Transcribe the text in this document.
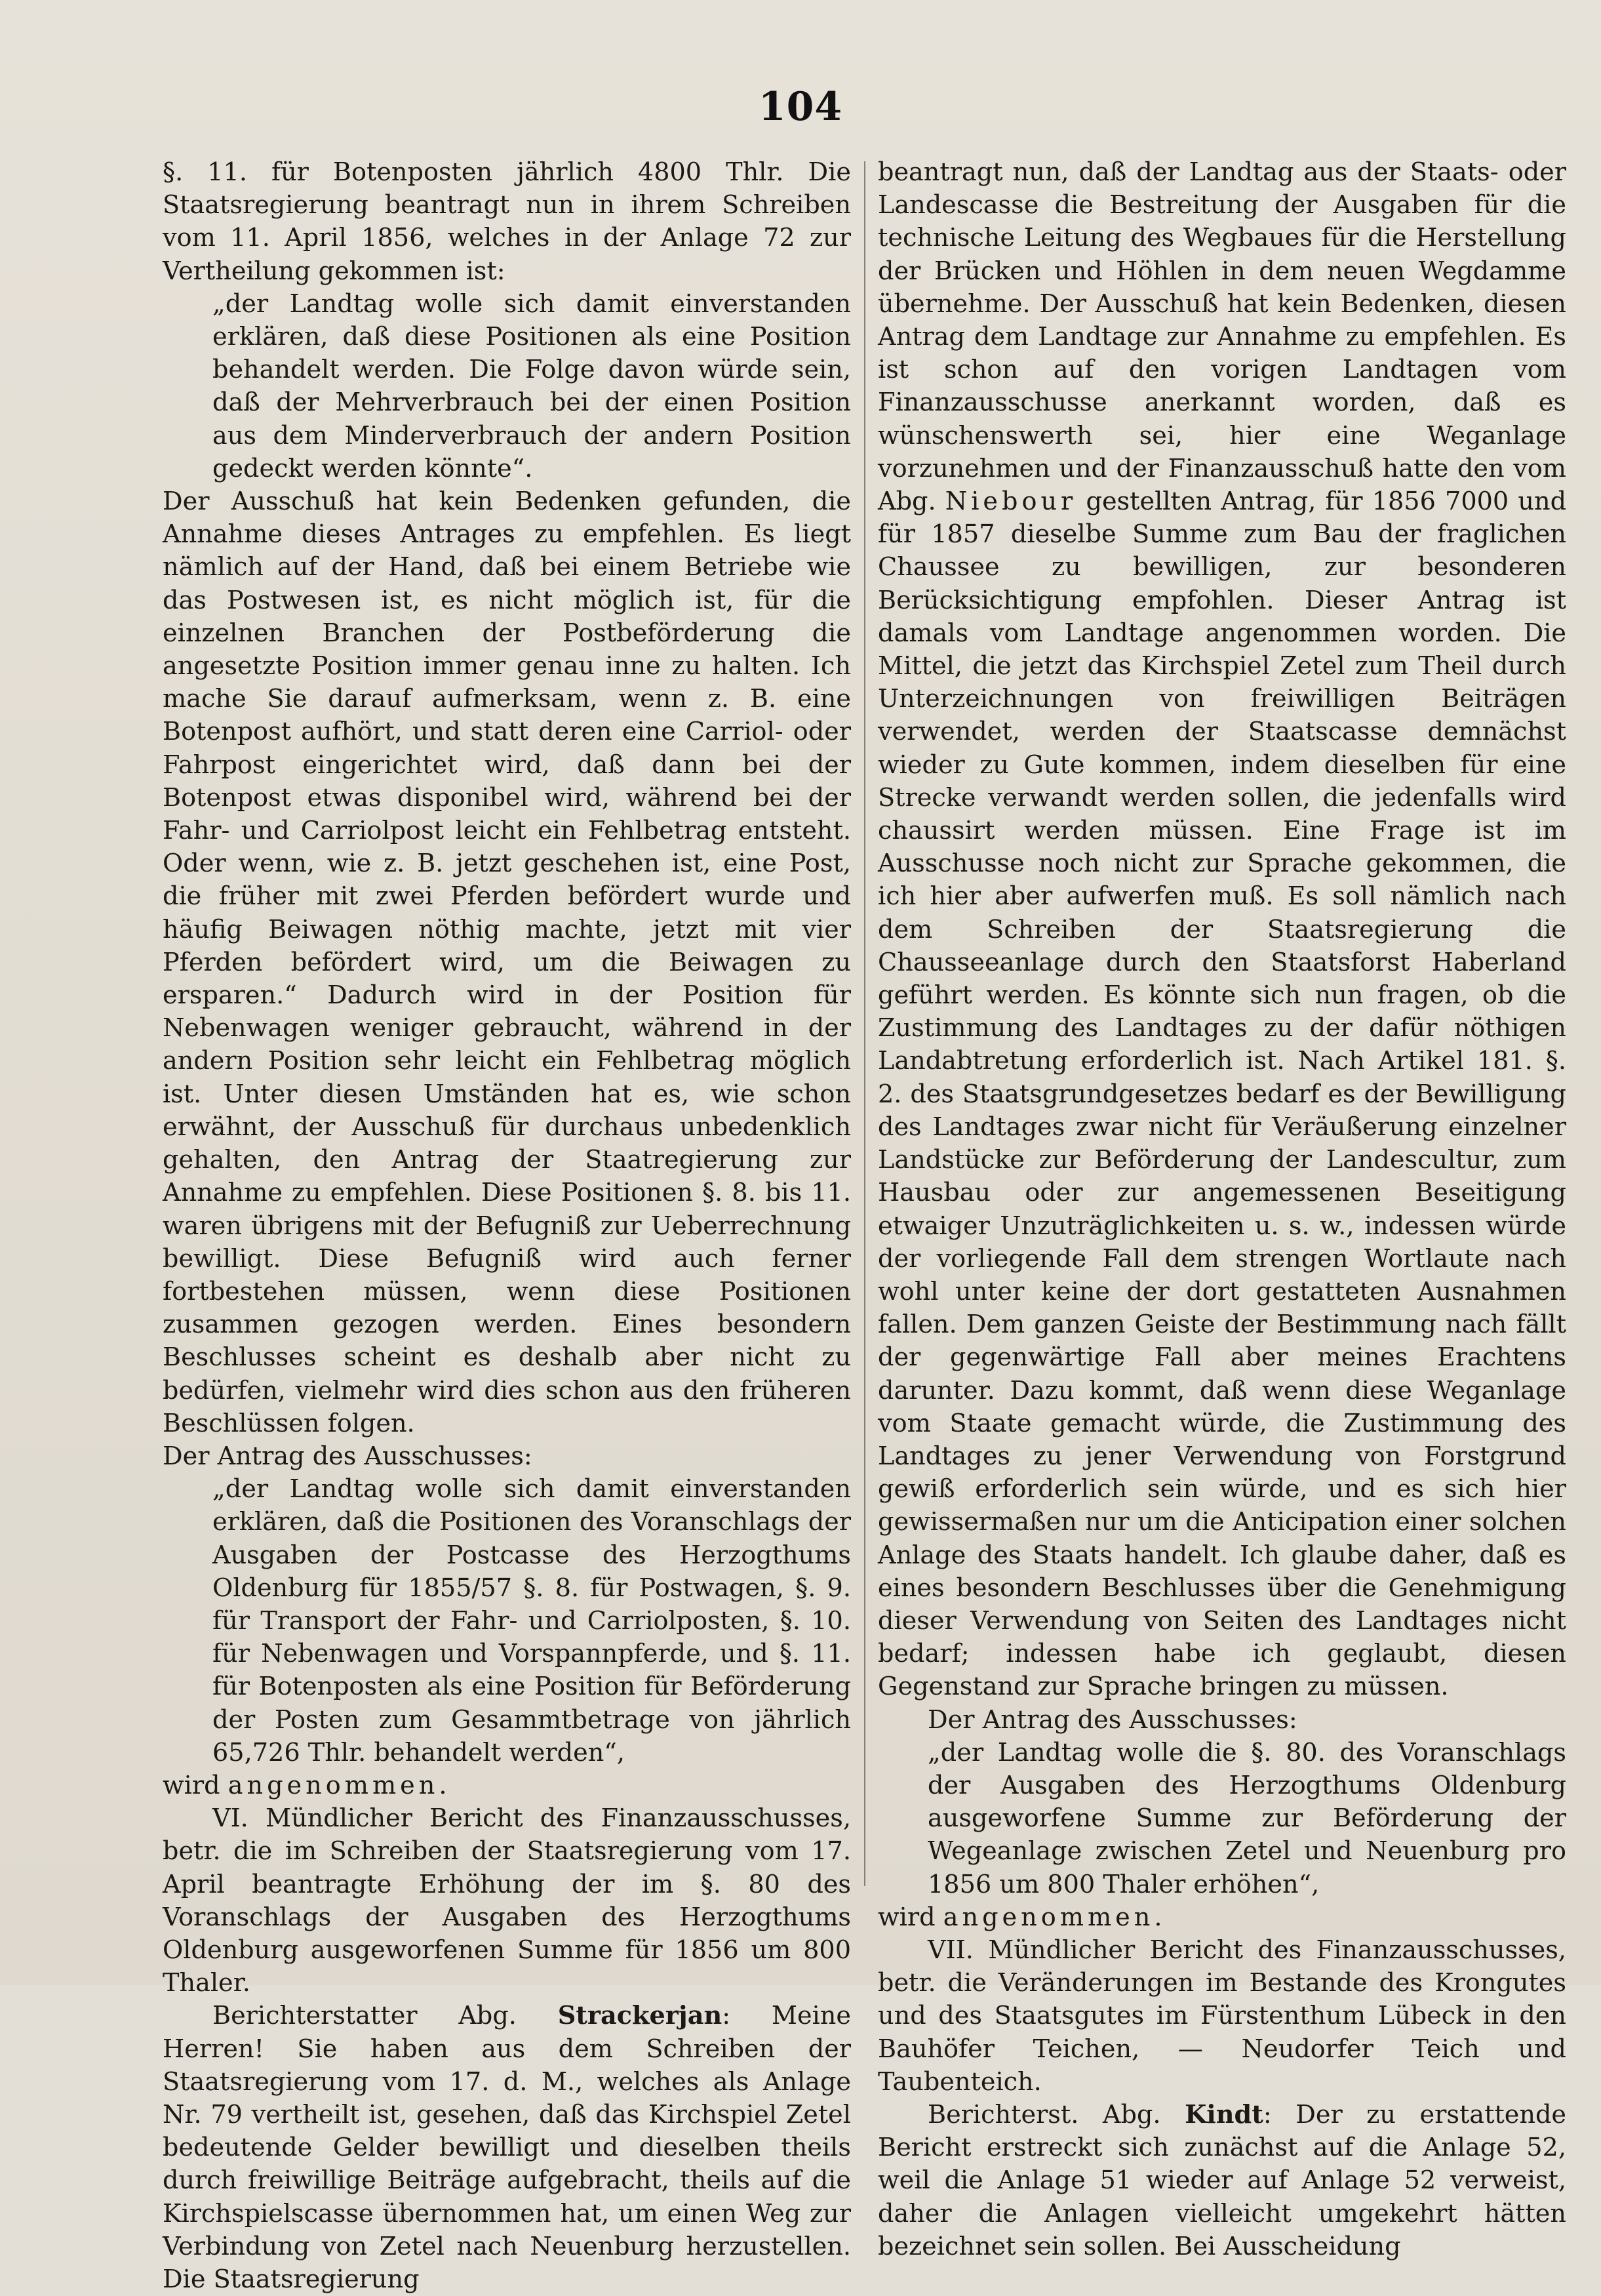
104

§. 11. für Botenposten jährlich 4800 Thlr. Die Staatsregierung beantragt nun in ihrem Schreiben vom 11. April 1856, welches in der Anlage 72 zur Vertheilung gekommen ist:

„der Landtag wolle sich damit einverstanden erklären, daß diese Positionen als eine Position behandelt werden. Die Folge davon würde sein, daß der Mehrverbrauch bei der einen Position aus dem Minderverbrauch der andern Position gedeckt werden könnte“.

Der Ausschuß hat kein Bedenken gefunden, die Annahme dieses Antrages zu empfehlen. Es liegt nämlich auf der Hand, daß bei einem Betriebe wie das Postwesen ist, es nicht möglich ist, für die einzelnen Branchen der Postbeförderung die angesetzte Position immer genau inne zu halten. Ich mache Sie darauf aufmerksam, wenn z. B. eine Botenpost aufhört, und statt deren eine Carriol- oder Fahrpost eingerichtet wird, daß dann bei der Botenpost etwas disponibel wird, während bei der Fahr- und Carriolpost leicht ein Fehlbetrag entsteht. Oder wenn, wie z. B. jetzt geschehen ist, eine Post, die früher mit zwei Pferden befördert wurde und häufig Beiwagen nöthig machte, jetzt mit vier Pferden befördert wird, um die Beiwagen zu ersparen.“ Dadurch wird in der Position für Nebenwagen weniger gebraucht, während in der andern Position sehr leicht ein Fehlbetrag möglich ist. Unter diesen Umständen hat es, wie schon erwähnt, der Ausschuß für durchaus unbedenklich gehalten, den Antrag der Staatregierung zur Annahme zu empfehlen. Diese Positionen §. 8. bis 11. waren übrigens mit der Befugniß zur Ueberrechnung bewilligt. Diese Befugniß wird auch ferner fortbestehen müssen, wenn diese Positionen zusammen gezogen werden. Eines besondern Beschlusses scheint es deshalb aber nicht zu bedürfen, vielmehr wird dies schon aus den früheren Beschlüssen folgen.

Der Antrag des Ausschusses:

„der Landtag wolle sich damit einverstanden erklären, daß die Positionen des Voranschlags der Ausgaben der Postcasse des Herzogthums Oldenburg für 1855/57 §. 8. für Postwagen, §. 9. für Transport der Fahr- und Carriolposten, §. 10. für Nebenwagen und Vorspannpferde, und §. 11. für Botenposten als eine Position für Beförderung der Posten zum Gesammtbetrage von jährlich 65,726 Thlr. behandelt werden“,

wird angenommen.

VI. Mündlicher Bericht des Finanzausschusses, betr. die im Schreiben der Staatsregierung vom 17. April beantragte Erhöhung der im §. 80 des Voranschlags der Ausgaben des Herzogthums Oldenburg ausgeworfenen Summe für 1856 um 800 Thaler.

Berichterstatter Abg. Strackerjan: Meine Herren! Sie haben aus dem Schreiben der Staatsregierung vom 17. d. M., welches als Anlage Nr. 79 vertheilt ist, gesehen, daß das Kirchspiel Zetel bedeutende Gelder bewilligt und dieselben theils durch freiwillige Beiträge aufgebracht, theils auf die Kirchspielscasse übernommen hat, um einen Weg zur Verbindung von Zetel nach Neuenburg herzustellen. Die Staatsregierung

beantragt nun, daß der Landtag aus der Staats- oder Landescasse die Bestreitung der Ausgaben für die technische Leitung des Wegbaues für die Herstellung der Brücken und Höhlen in dem neuen Wegdamme übernehme. Der Ausschuß hat kein Bedenken, diesen Antrag dem Landtage zur Annahme zu empfehlen. Es ist schon auf den vorigen Landtagen vom Finanzausschusse anerkannt worden, daß es wünschenswerth sei, hier eine Weganlage vorzunehmen und der Finanzausschuß hatte den vom Abg. Niebour gestellten Antrag, für 1856 7000 und für 1857 dieselbe Summe zum Bau der fraglichen Chaussee zu bewilligen, zur besonderen Berücksichtigung empfohlen. Dieser Antrag ist damals vom Landtage angenommen worden. Die Mittel, die jetzt das Kirchspiel Zetel zum Theil durch Unterzeichnungen von freiwilligen Beiträgen verwendet, werden der Staatscasse demnächst wieder zu Gute kommen, indem dieselben für eine Strecke verwandt werden sollen, die jedenfalls wird chaussirt werden müssen. Eine Frage ist im Ausschusse noch nicht zur Sprache gekommen, die ich hier aber aufwerfen muß. Es soll nämlich nach dem Schreiben der Staatsregierung die Chausseeanlage durch den Staatsforst Haberland geführt werden. Es könnte sich nun fragen, ob die Zustimmung des Landtages zu der dafür nöthigen Landabtretung erforderlich ist. Nach Artikel 181. §. 2. des Staatsgrundgesetzes bedarf es der Bewilligung des Landtages zwar nicht für Veräußerung einzelner Landstücke zur Beförderung der Landescultur, zum Hausbau oder zur angemessenen Beseitigung etwaiger Unzuträglichkeiten u. s. w., indessen würde der vorliegende Fall dem strengen Wortlaute nach wohl unter keine der dort gestatteten Ausnahmen fallen. Dem ganzen Geiste der Bestimmung nach fällt der gegenwärtige Fall aber meines Erachtens darunter. Dazu kommt, daß wenn diese Weganlage vom Staate gemacht würde, die Zustimmung des Landtages zu jener Verwendung von Forstgrund gewiß erforderlich sein würde, und es sich hier gewissermaßen nur um die Anticipation einer solchen Anlage des Staats handelt. Ich glaube daher, daß es eines besondern Beschlusses über die Genehmigung dieser Verwendung von Seiten des Landtages nicht bedarf; indessen habe ich geglaubt, diesen Gegenstand zur Sprache bringen zu müssen.

Der Antrag des Ausschusses:

„der Landtag wolle die §. 80. des Voranschlags der Ausgaben des Herzogthums Oldenburg ausgeworfene Summe zur Beförderung der Wegeanlage zwischen Zetel und Neuenburg pro 1856 um 800 Thaler erhöhen“,

wird angenommen.

VII. Mündlicher Bericht des Finanzausschusses, betr. die Veränderungen im Bestande des Krongutes und des Staatsgutes im Fürstenthum Lübeck in den Bauhöfer Teichen, — Neudorfer Teich und Taubenteich.

Berichterst. Abg. Kindt: Der zu erstattende Bericht erstreckt sich zunächst auf die Anlage 52, weil die Anlage 51 wieder auf Anlage 52 verweist, daher die Anlagen vielleicht umgekehrt hätten bezeichnet sein sollen. Bei Ausscheidung
